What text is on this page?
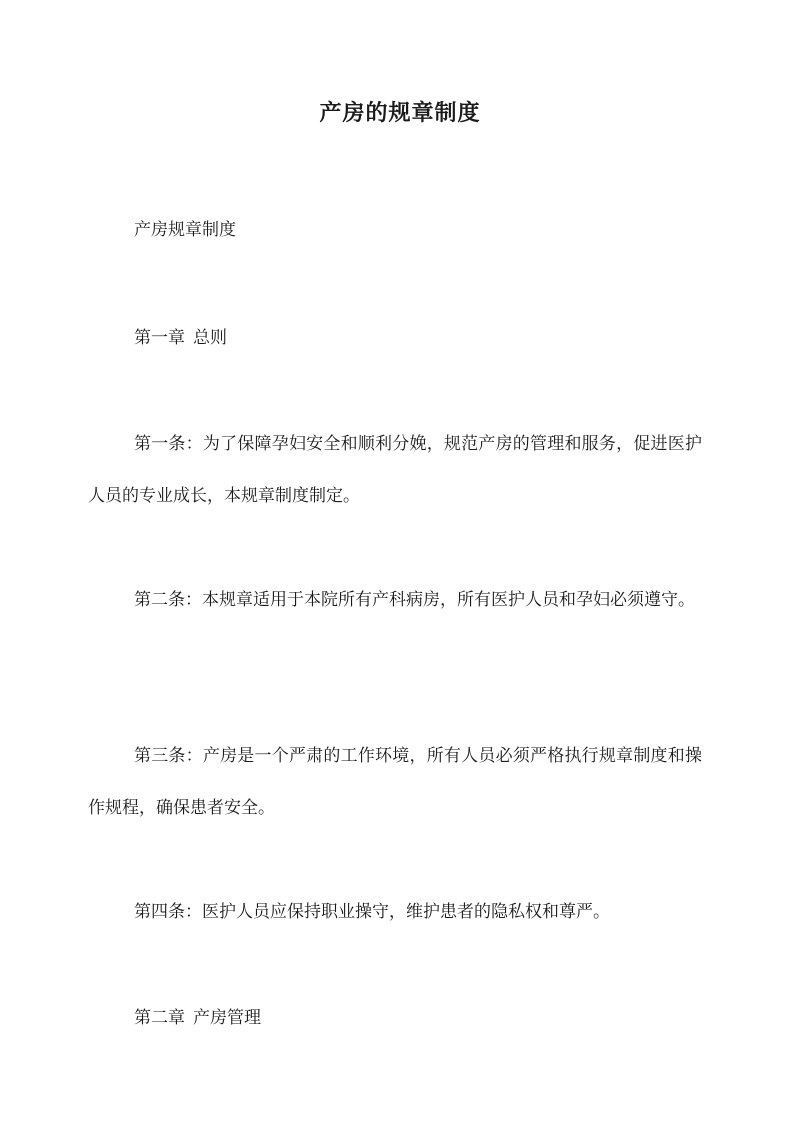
产房的规章制度

产房规章制度

第一章 总则

第一条：为了保障孕妇安全和顺利分娩，规范产房的管理和服务，促进医护人员的专业成长，本规章制度制定。

第二条：本规章适用于本院所有产科病房，所有医护人员和孕妇必须遵守。

第三条：产房是一个严肃的工作环境，所有人员必须严格执行规章制度和操作规程，确保患者安全。

第四条：医护人员应保持职业操守，维护患者的隐私权和尊严。

第二章 产房管理
